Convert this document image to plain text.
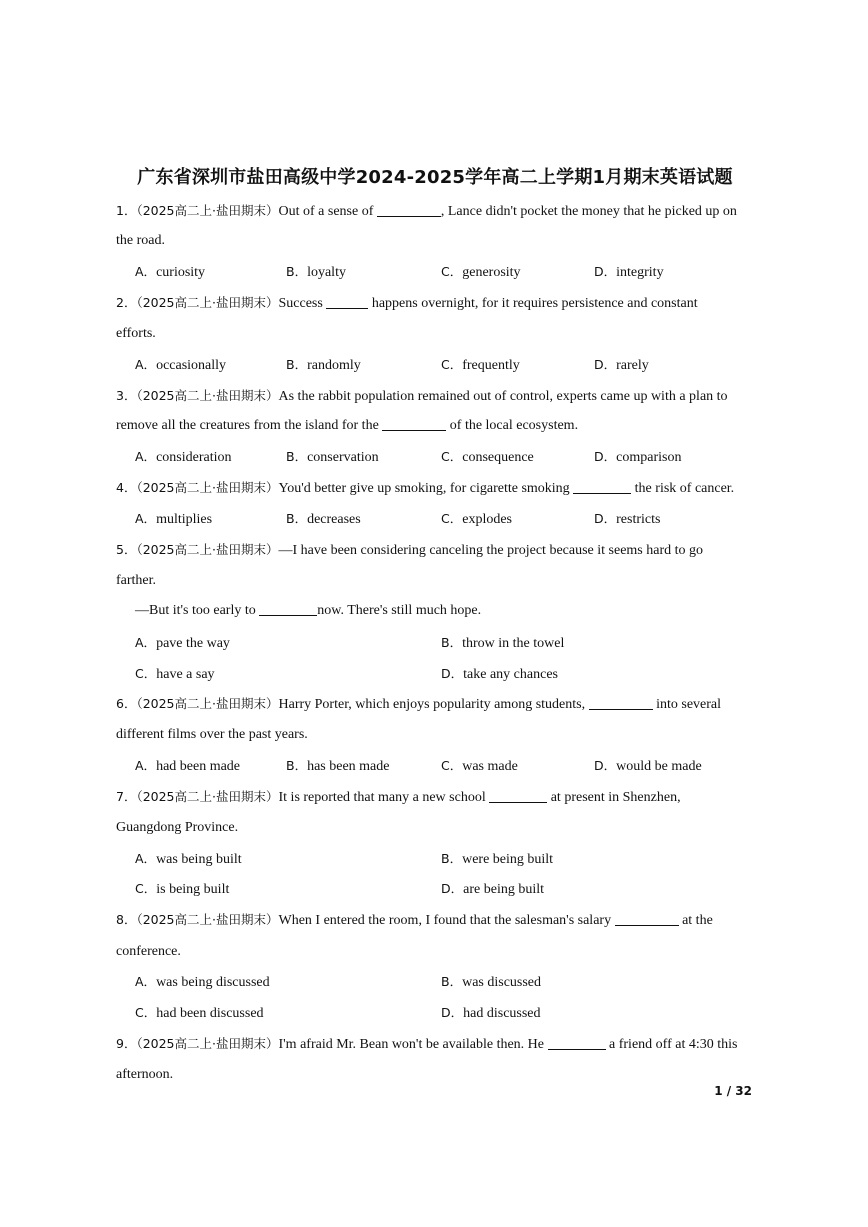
广东省深圳市盐田高级中学2024-2025学年高二上学期1月期末英语试题
1．（2025高二上·盐田期末）Out of a sense of	, Lance didn't pocket the money that he picked up on
the road.
A．curiosity	B．loyalty	C．generosity	D．integrity
2．（2025高二上·盐田期末）Success	happens overnight, for it requires persistence and constant
efforts.
A．occasionally	B．randomly	C．frequently	D．rarely
3．（2025高二上·盐田期末）As the rabbit population remained out of control, experts came up with a plan to
remove all the creatures from the island for the	of the local ecosystem.
A．consideration	B．conservation	C．consequence	D．comparison
4．（2025高二上·盐田期末）You'd better give up smoking, for cigarette smoking	the risk of cancer.
A．multiplies	B．decreases	C．explodes	D．restricts
5．（2025高二上·盐田期末）—I have been considering canceling the project because it seems hard to go
farther.
—But it's too early to	now. There's still much hope.
A．pave the way	B．throw in the towel
C．have a say	D．take any chances
6．（2025高二上·盐田期末）Harry Porter, which enjoys popularity among students,	into several
different films over the past years.
A．had been made	B．has been made	C．was made	D．would be made
7．（2025高二上·盐田期末）It is reported that many a new school	at present in Shenzhen,
Guangdong Province.
A．was being built	B．were being built
C．is being built	D．are being built
8．（2025高二上·盐田期末）When I entered the room, I found that the salesman's salary	at the
conference.
A．was being discussed	B．was discussed
C．had been discussed	D．had discussed
9．（2025高二上·盐田期末）I'm afraid Mr. Bean won't be available then. He	a friend off at 4:30 this
afternoon.
1 / 32
